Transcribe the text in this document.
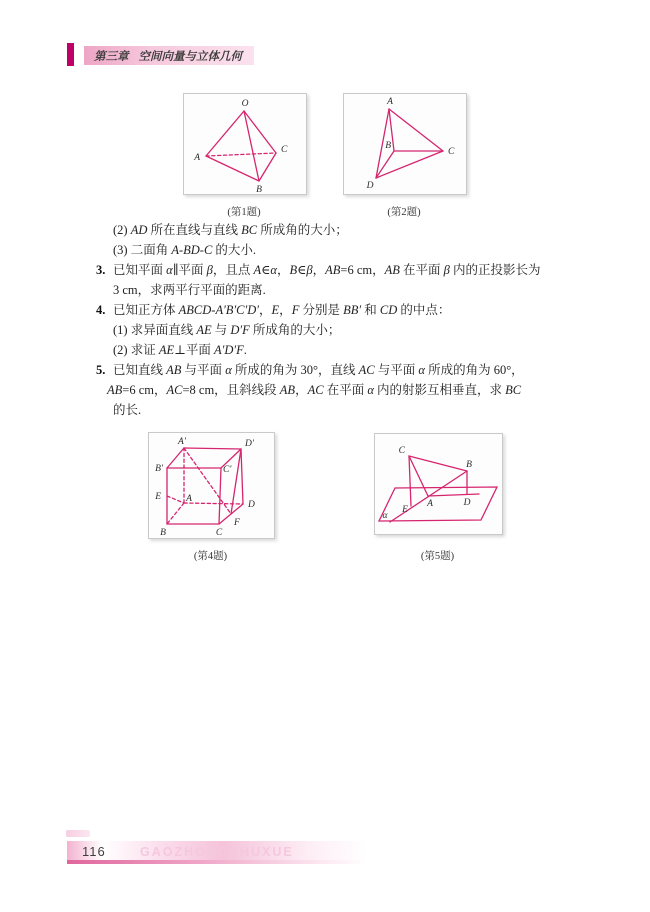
第三章 空间向量与立体几何
O
A
B
C
A
B
C
D
(第1题)	(第2题)
(2) AD 所在直线与直线 BC 所成角的大小；
(3) 二面角 A-BD-C 的大小.
3. 已知平面 α∥平面 β，且点 A∈α，B∈β，AB=6 cm，AB 在平面 β 内的正投影长为
3 cm，求两平行平面的距离.
4. 已知正方体 ABCD-A′B′C′D′，E，F 分别是 BB′ 和 CD 的中点：
(1) 求异面直线 AE 与 D′F 所成角的大小；
(2) 求证 AE⊥平面 A′D′F.
5. 已知直线 AB 与平面 α 所成的角为 30°，直线 AC 与平面 α 所成的角为 60°，
AB=6 cm，AC=8 cm，且斜线段 AB，AC 在平面 α 内的射影互相垂直，求 BC
的长.
A′	D′
B′	C′
E	A
B	C
D
F
C
B
A
E
D
α
(第4题)	(第5题)
116	GAOZHONGSHUXUE
